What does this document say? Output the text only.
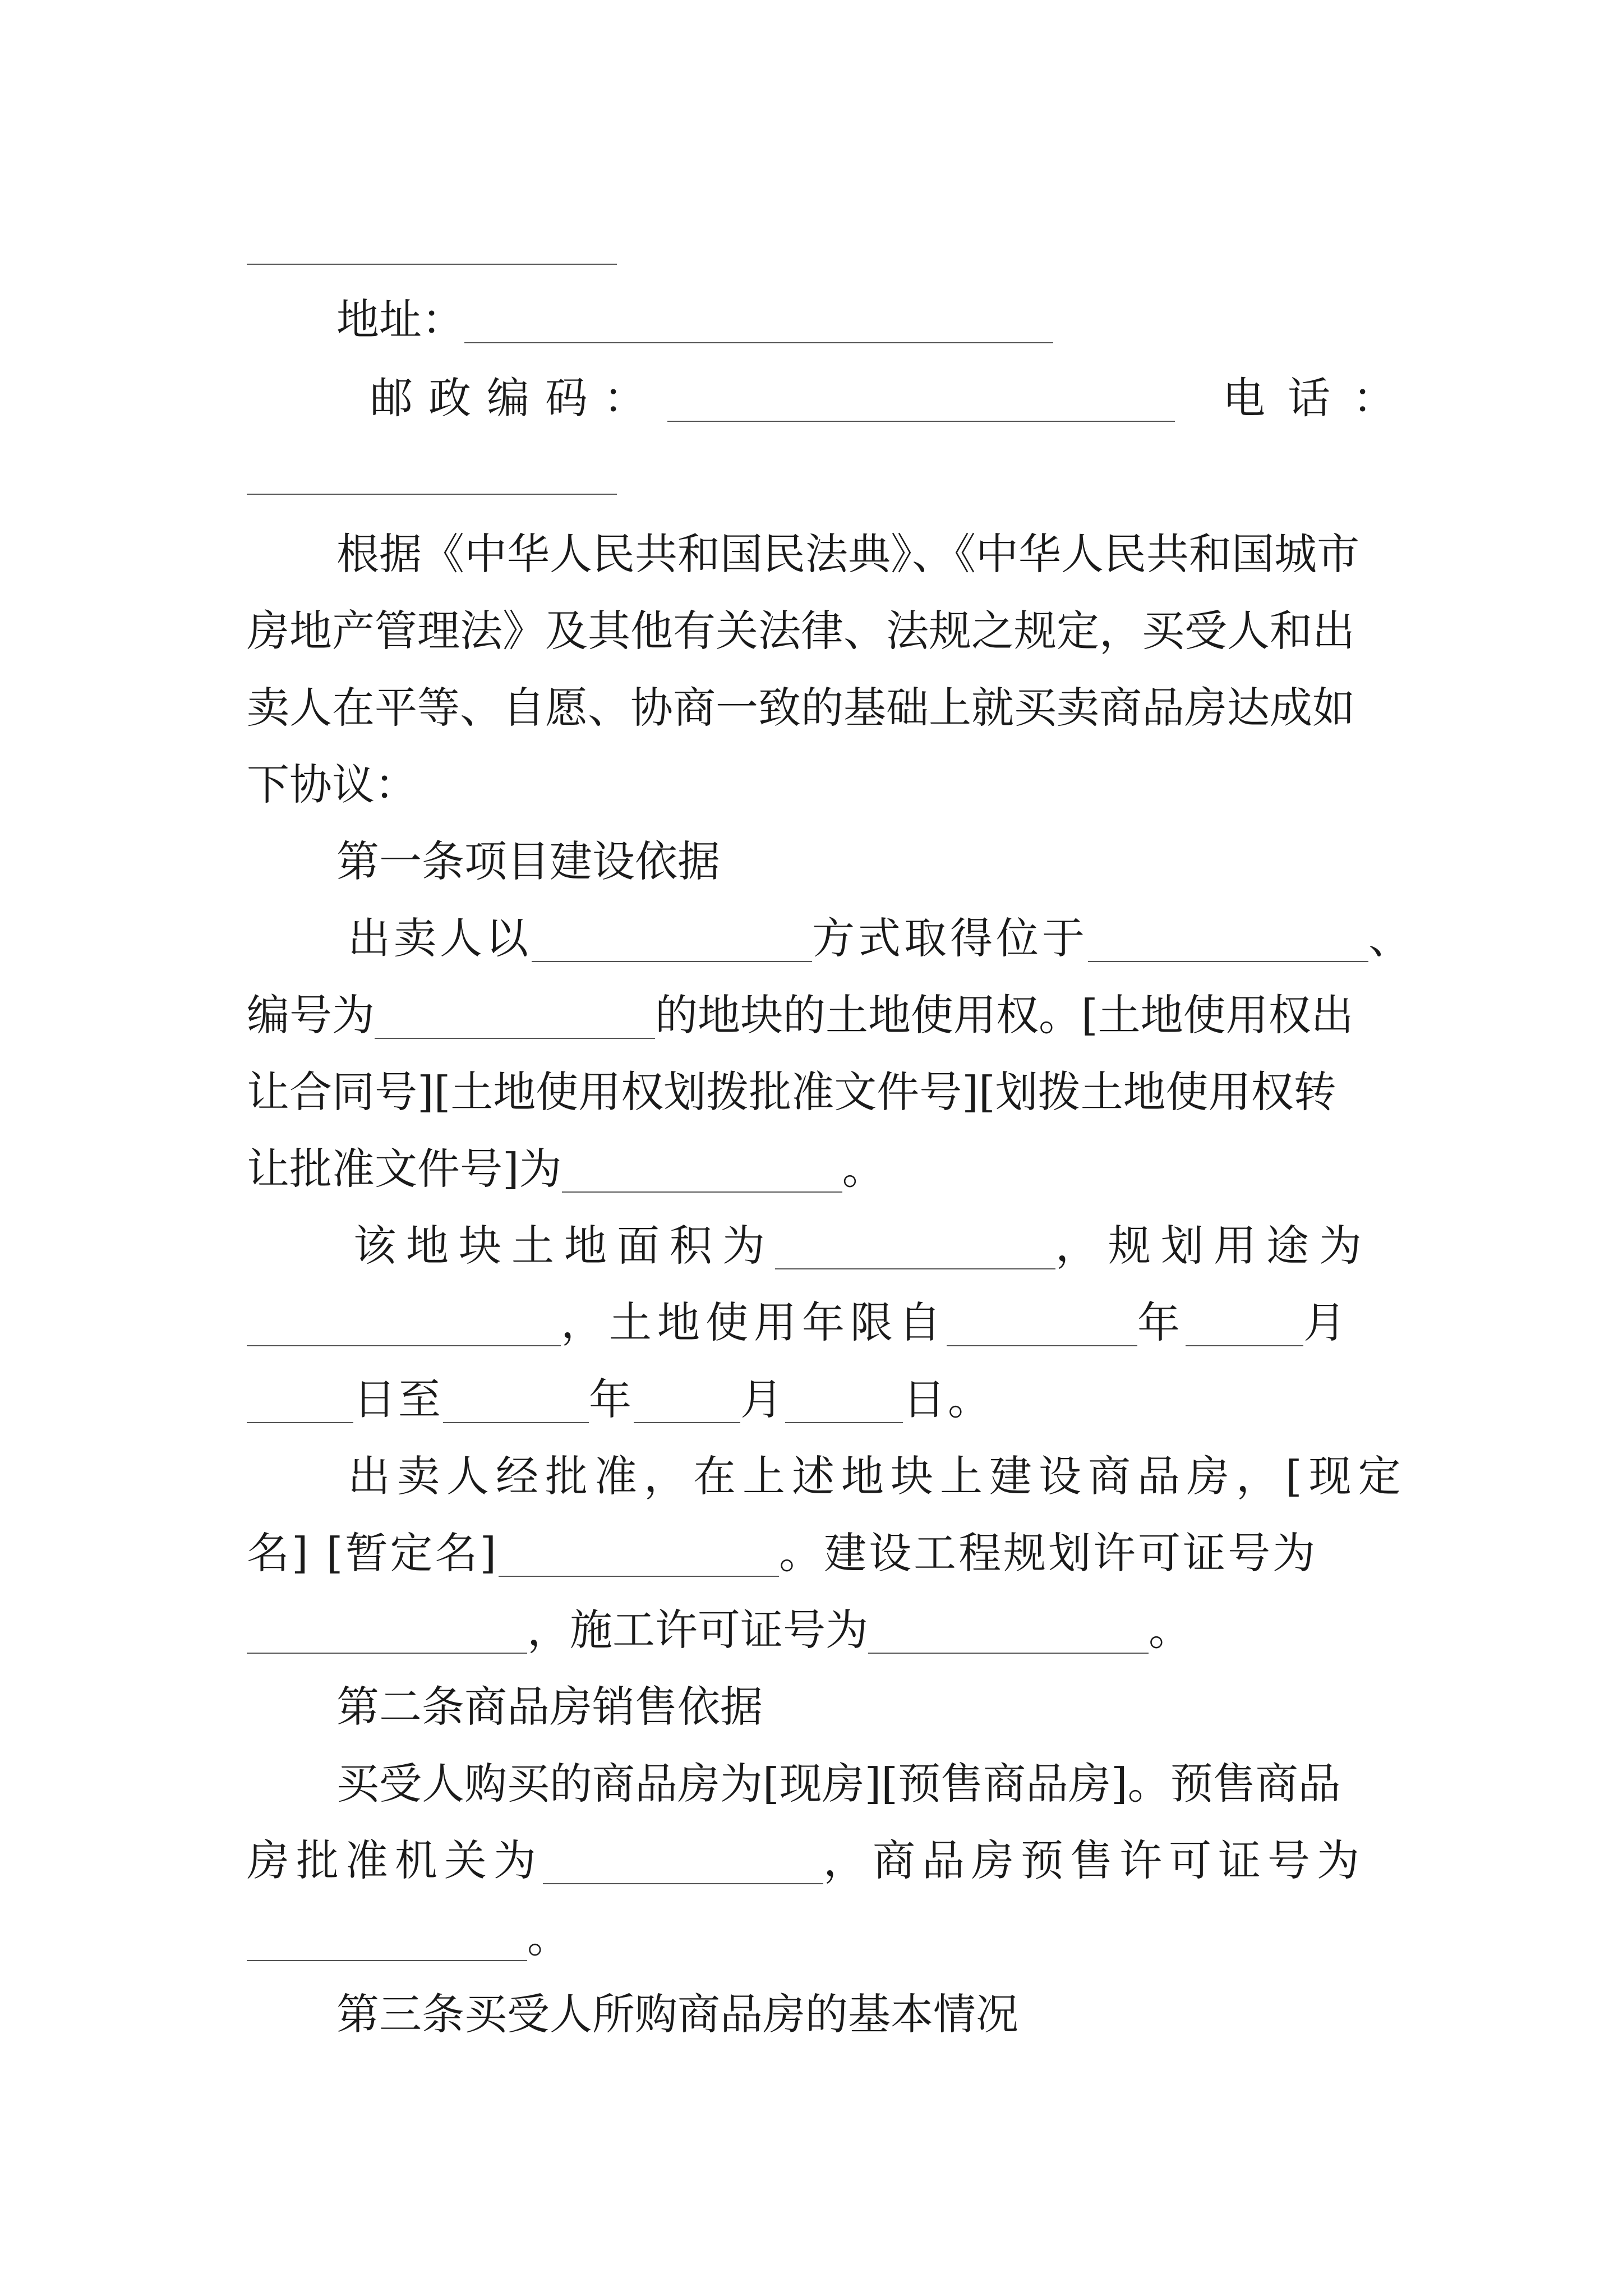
地址：
邮政编码：	电话：
根据《中华人民共和国民法典》、《中华人民共和国城市
房地产管理法》及其他有关法律、法规之规定，买受人和出
卖人在平等、自愿、协商一致的基础上就买卖商品房达成如
下协议：
第一条项目建设依据
出卖人以	方式取得位于	、
编号为	的地块的土地使用权。[土地使用权出
让合同号][土地使用权划拨批准文件号][划拨土地使用权转
让批准文件号]为	。
该地块土地面积为	，规划用途为
，土地使用年限自	年	月
日至	年	月	日。
出卖人经批准，在上述地块上建设商品房，[现定
名] [暂定名]	。建设工程规划许可证号为
，施工许可证号为	。
第二条商品房销售依据
买受人购买的商品房为[现房][预售商品房]。预售商品
房批准机关为	，商品房预售许可证号为
。
第三条买受人所购商品房的基本情况
